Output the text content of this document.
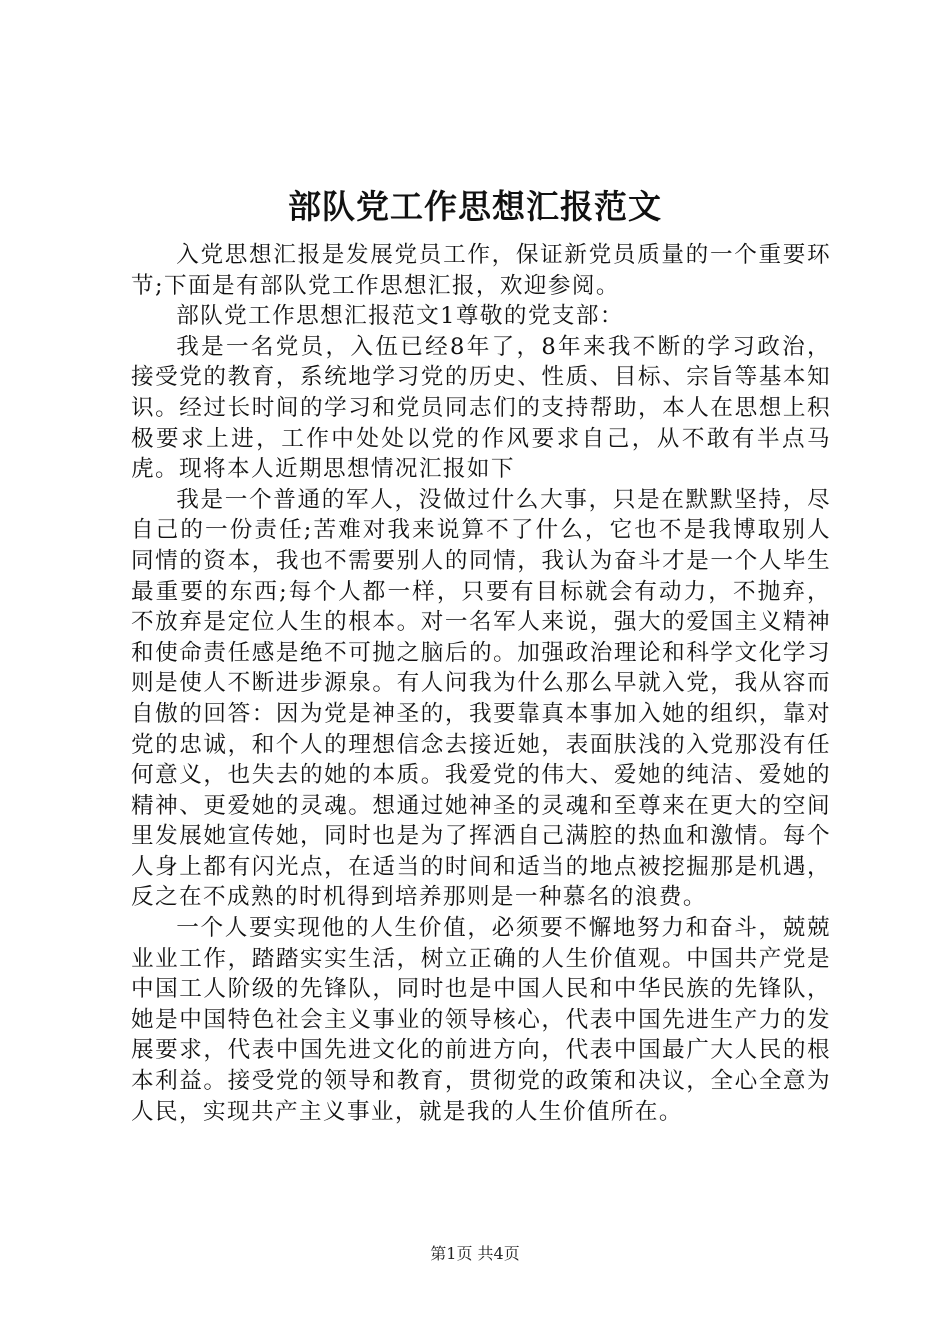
部队党工作思想汇报范文

入党思想汇报是发展党员工作，保证新党员质量的一个重要环节;下面是有部队党工作思想汇报，欢迎参阅。

部队党工作思想汇报范文1尊敬的党支部：

我是一名党员，入伍已经8年了，8年来我不断的学习政治，接受党的教育，系统地学习党的历史、性质、目标、宗旨等基本知识。经过长时间的学习和党员同志们的支持帮助，本人在思想上积极要求上进，工作中处处以党的作风要求自己，从不敢有半点马虎。现将本人近期思想情况汇报如下

我是一个普通的军人，没做过什么大事，只是在默默坚持，尽自己的一份责任;苦难对我来说算不了什么，它也不是我博取别人同情的资本，我也不需要别人的同情，我认为奋斗才是一个人毕生最重要的东西;每个人都一样，只要有目标就会有动力，不抛弃，不放弃是定位人生的根本。对一名军人来说，强大的爱国主义精神和使命责任感是绝不可抛之脑后的。加强政治理论和科学文化学习则是使人不断进步源泉。有人问我为什么那么早就入党，我从容而自傲的回答：因为党是神圣的，我要靠真本事加入她的组织，靠对党的忠诚，和个人的理想信念去接近她，表面肤浅的入党那没有任何意义，也失去的她的本质。我爱党的伟大、爱她的纯洁、爱她的精神、更爱她的灵魂。想通过她神圣的灵魂和至尊来在更大的空间里发展她宣传她，同时也是为了挥洒自己满腔的热血和激情。每个人身上都有闪光点，在适当的时间和适当的地点被挖掘那是机遇，反之在不成熟的时机得到培养那则是一种慕名的浪费。

一个人要实现他的人生价值，必须要不懈地努力和奋斗，兢兢业业工作，踏踏实实生活，树立正确的人生价值观。中国共产党是中国工人阶级的先锋队，同时也是中国人民和中华民族的先锋队，她是中国特色社会主义事业的领导核心，代表中国先进生产力的发展要求，代表中国先进文化的前进方向，代表中国最广大人民的根本利益。接受党的领导和教育，贯彻党的政策和决议，全心全意为人民，实现共产主义事业，就是我的人生价值所在。

第1页 共4页
